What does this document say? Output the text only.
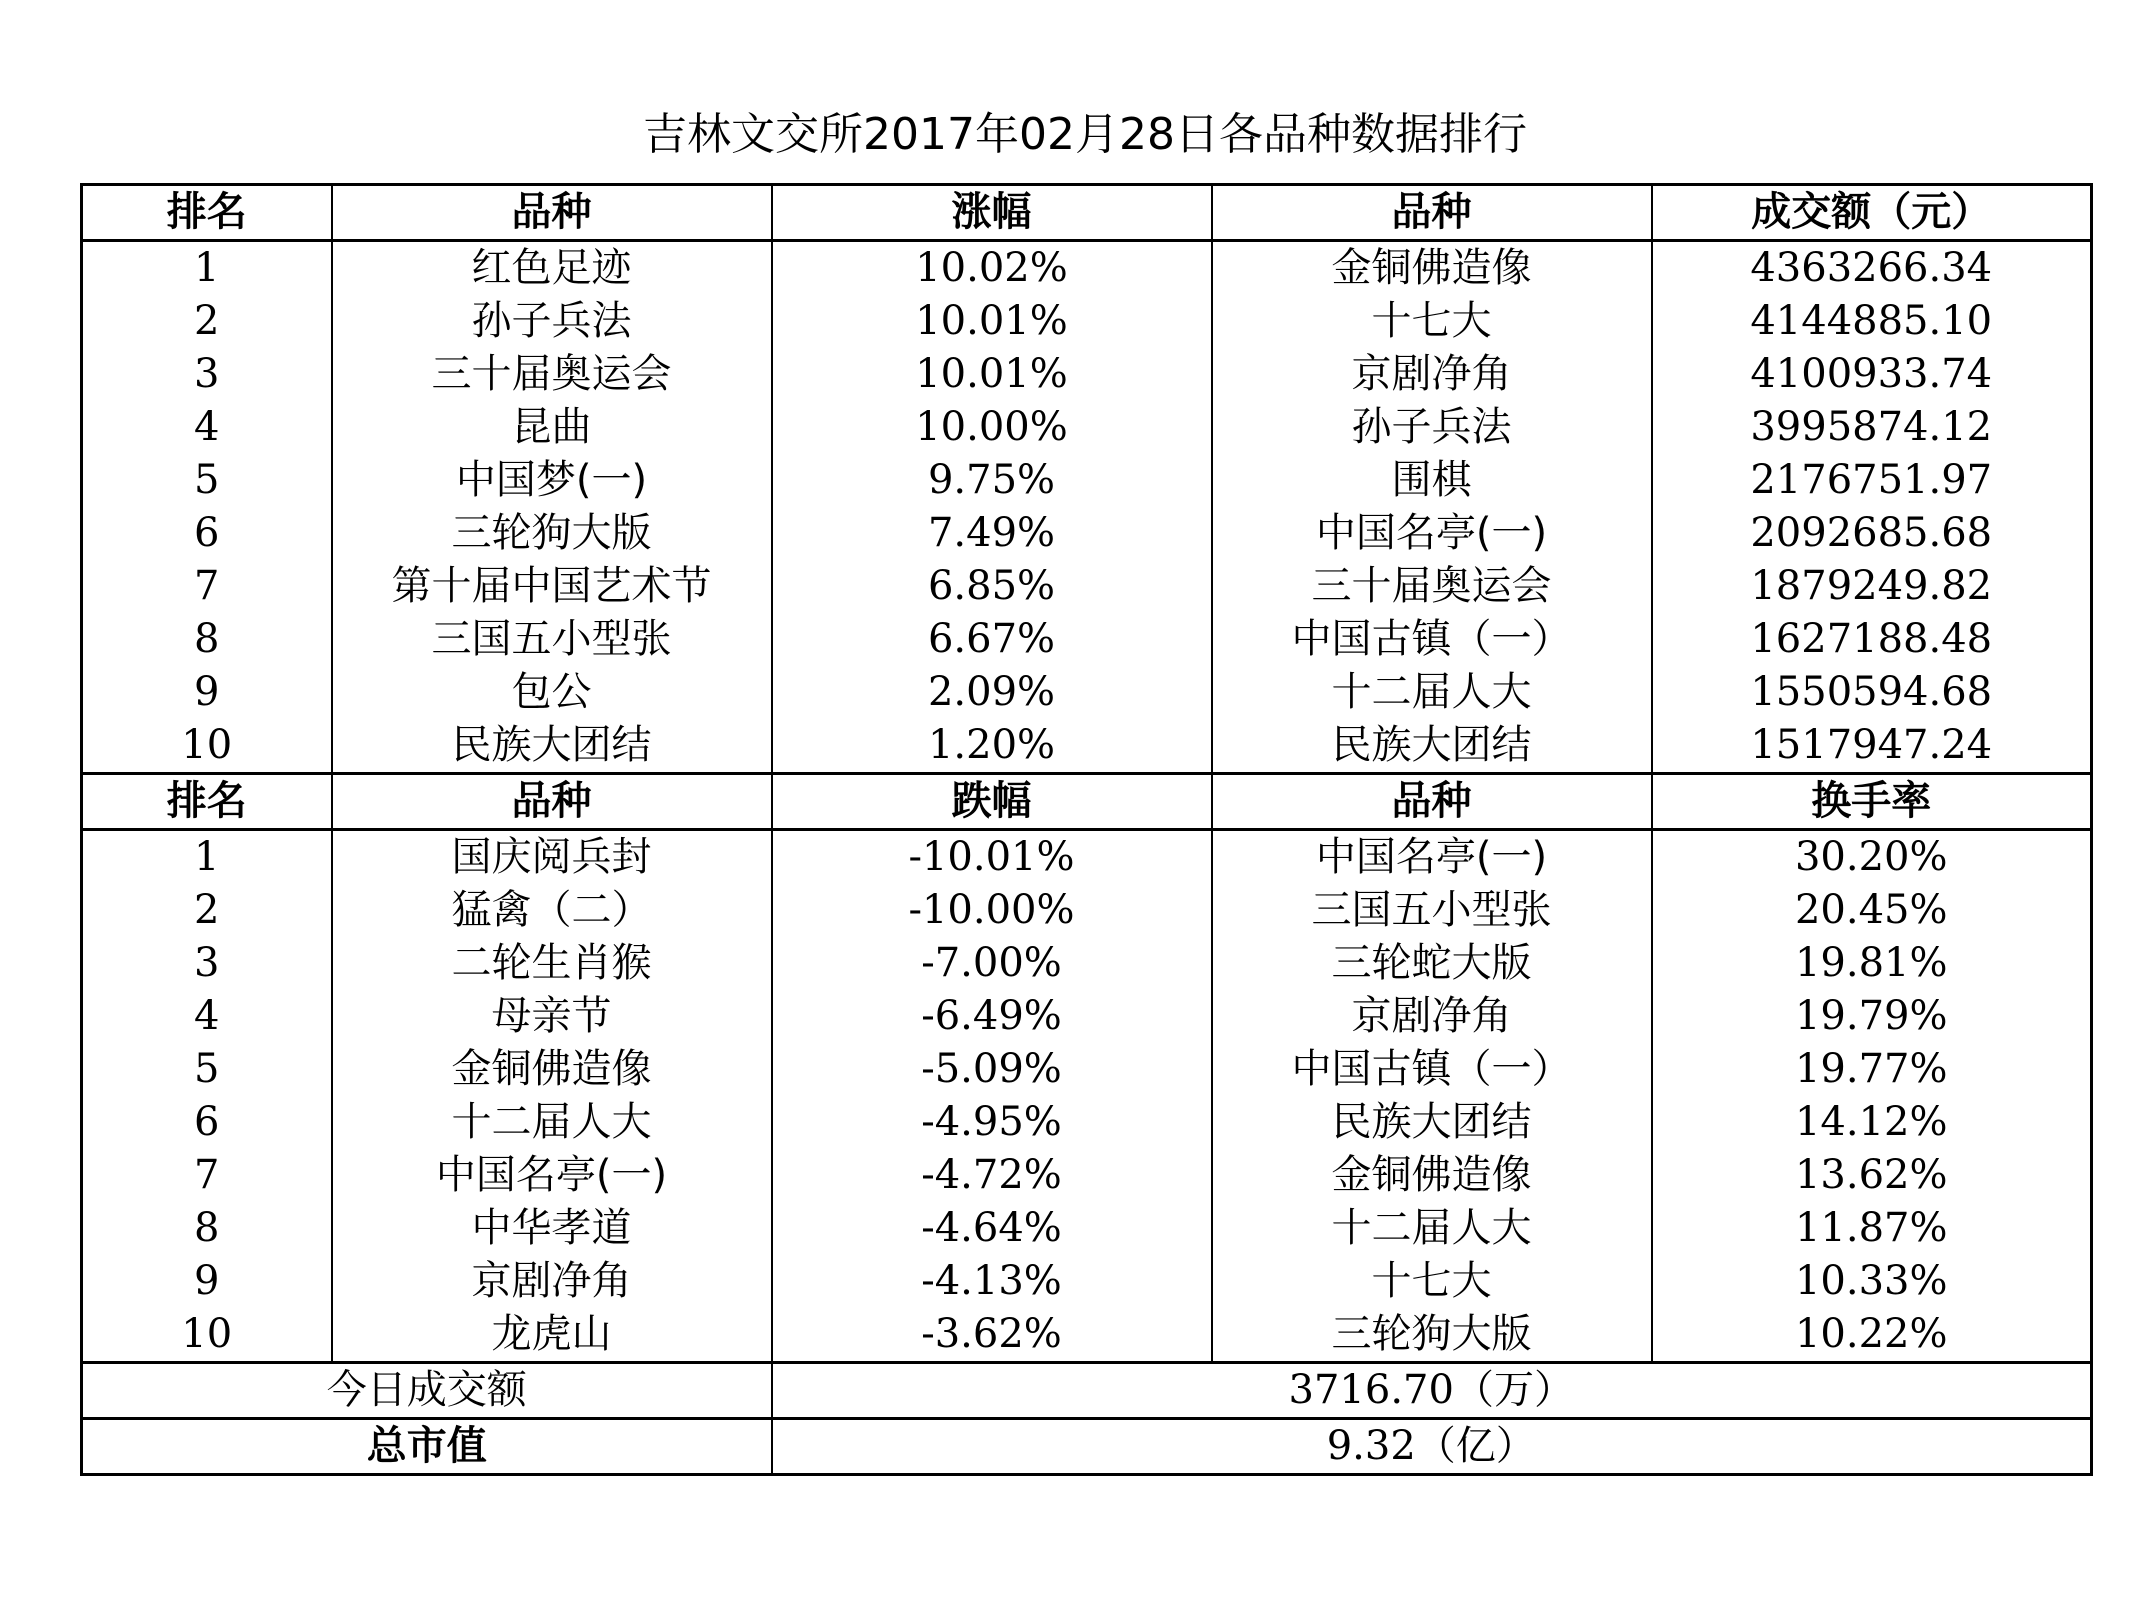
吉林文交所2017年02月28日各品种数据排行
排名	品种	涨幅	品种	成交额（元）
1	红色足迹	10.02%	金铜佛造像	4363266.34
2	孙子兵法	10.01%	十七大	4144885.10
3	三十届奥运会	10.01%	京剧净角	4100933.74
4	昆曲	10.00%	孙子兵法	3995874.12
5	中国梦(一)	9.75%	围棋	2176751.97
6	三轮狗大版	7.49%	中国名亭(一)	2092685.68
7	第十届中国艺术节	6.85%	三十届奥运会	1879249.82
8	三国五小型张	6.67%	中国古镇（一）	1627188.48
9	包公	2.09%	十二届人大	1550594.68
10	民族大团结	1.20%	民族大团结	1517947.24
排名	品种	跌幅	品种	换手率
1	国庆阅兵封	-10.01%	中国名亭(一)	30.20%
2	猛禽（二）	-10.00%	三国五小型张	20.45%
3	二轮生肖猴	-7.00%	三轮蛇大版	19.81%
4	母亲节	-6.49%	京剧净角	19.79%
5	金铜佛造像	-5.09%	中国古镇（一）	19.77%
6	十二届人大	-4.95%	民族大团结	14.12%
7	中国名亭(一)	-4.72%	金铜佛造像	13.62%
8	中华孝道	-4.64%	十二届人大	11.87%
9	京剧净角	-4.13%	十七大	10.33%
10	龙虎山	-3.62%	三轮狗大版	10.22%
今日成交额		3716.70（万）		
总市值		9.32（亿）		
